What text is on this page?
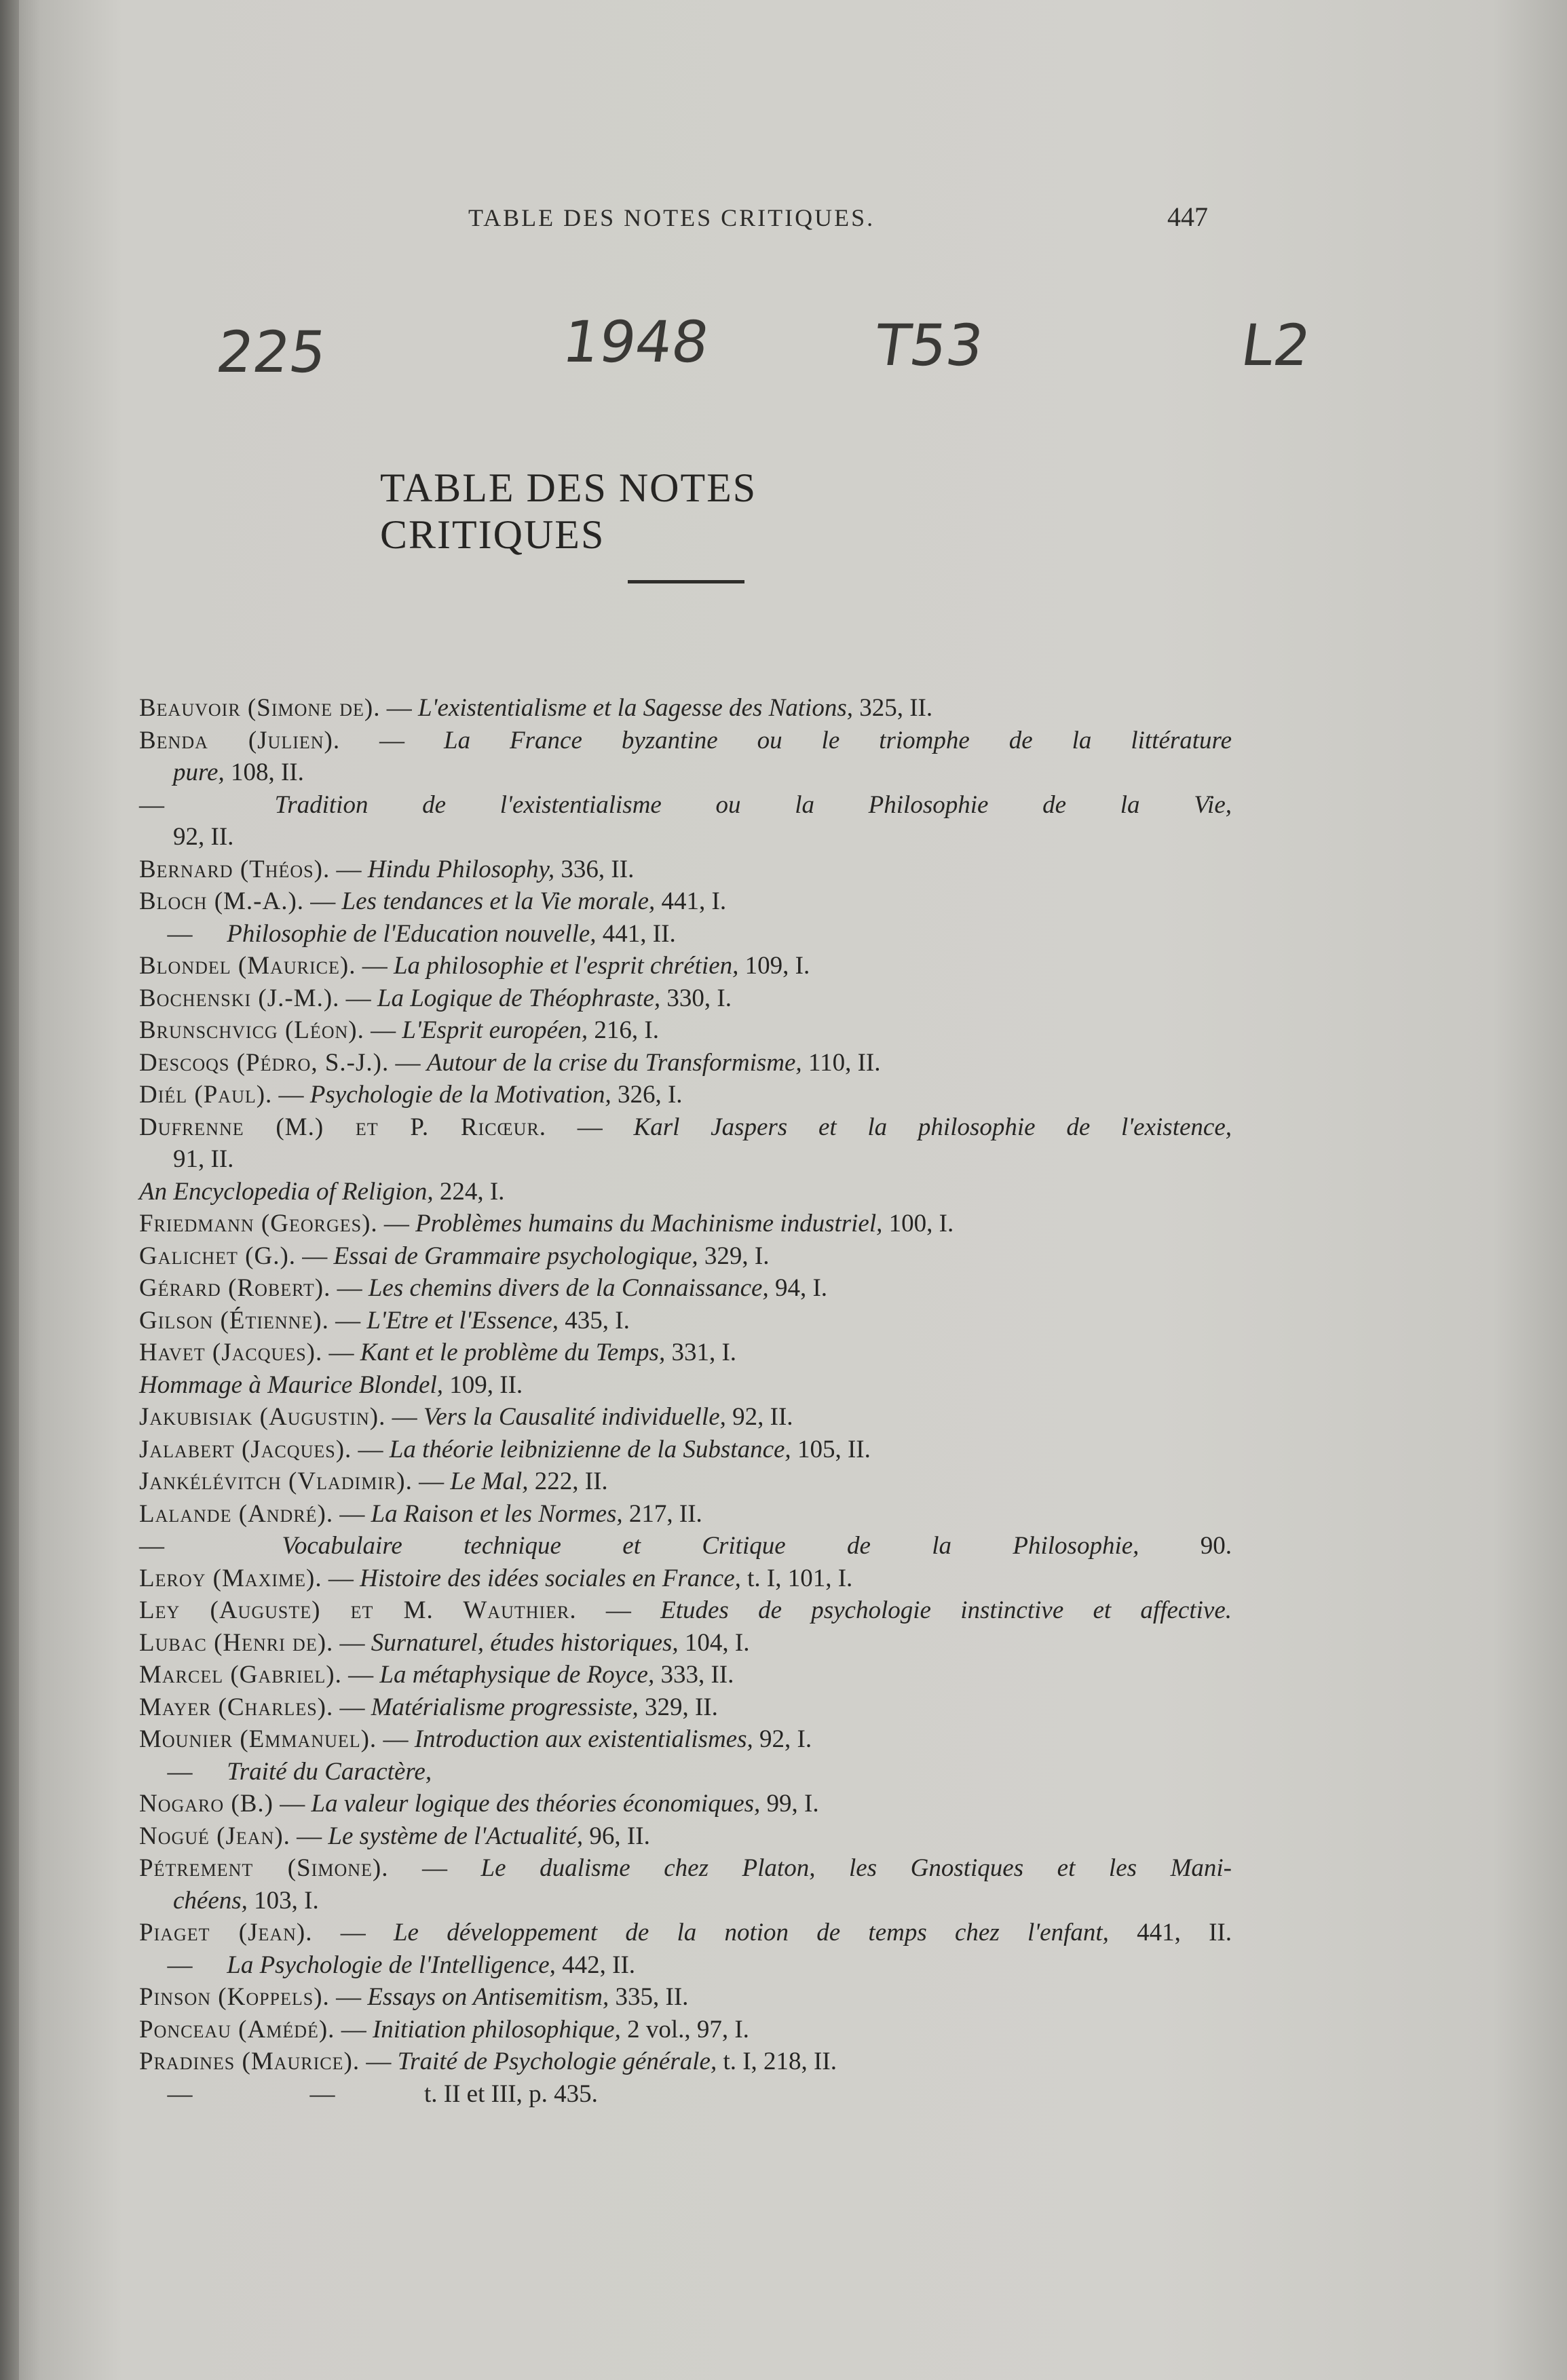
TABLE DES NOTES CRITIQUES.	447
225	1948	T53	L2
TABLE DES NOTES CRITIQUES
Beauvoir (Simone de). — L'existentialisme et la Sagesse des Nations, 325, II.
Benda (Julien). — La France byzantine ou le triomphe de la littérature
pure, 108, II.
— Tradition de l'existentialisme ou la Philosophie de la Vie,
92, II.
Bernard (Théos). — Hindu Philosophy, 336, II.
Bloch (M.-A.). — Les tendances et la Vie morale, 441, I.
— Philosophie de l'Education nouvelle, 441, II.
Blondel (Maurice). — La philosophie et l'esprit chrétien, 109, I.
Bochenski (J.-M.). — La Logique de Théophraste, 330, I.
Brunschvicg (Léon). — L'Esprit européen, 216, I.
Descoqs (Pédro, S.-J.). — Autour de la crise du Transformisme, 110, II.
Diél (Paul). — Psychologie de la Motivation, 326, I.
Dufrenne (M.) et P. Ricœur. — Karl Jaspers et la philosophie de l'existence,
91, II.
An Encyclopedia of Religion, 224, I.
Friedmann (Georges). — Problèmes humains du Machinisme industriel, 100, I.
Galichet (G.). — Essai de Grammaire psychologique, 329, I.
Gérard (Robert). — Les chemins divers de la Connaissance, 94, I.
Gilson (Étienne). — L'Etre et l'Essence, 435, I.
Havet (Jacques). — Kant et le problème du Temps, 331, I.
Hommage à Maurice Blondel, 109, II.
Jakubisiak (Augustin). — Vers la Causalité individuelle, 92, II.
Jalabert (Jacques). — La théorie leibnizienne de la Substance, 105, II.
Jankélévitch (Vladimir). — Le Mal, 222, II.
Lalande (André). — La Raison et les Normes, 217, II.
— Vocabulaire technique et Critique de la Philosophie, 90.
Leroy (Maxime). — Histoire des idées sociales en France, t. I, 101, I.
Ley (Auguste) et M. Wauthier. — Etudes de psychologie instinctive et affective.
Lubac (Henri de). — Surnaturel, études historiques, 104, I.
Marcel (Gabriel). — La métaphysique de Royce, 333, II.
Mayer (Charles). — Matérialisme progressiste, 329, II.
Mounier (Emmanuel). — Introduction aux existentialismes, 92, I.
— Traité du Caractère,
Nogaro (B.) — La valeur logique des théories économiques, 99, I.
Nogué (Jean). — Le système de l'Actualité, 96, II.
Pétrement (Simone). — Le dualisme chez Platon, les Gnostiques et les Mani-
chéens, 103, I.
Piaget (Jean). — Le développement de la notion de temps chez l'enfant, 441, II.
— La Psychologie de l'Intelligence, 442, II.
Pinson (Koppels). — Essays on Antisemitism, 335, II.
Ponceau (Amédé). — Initiation philosophique, 2 vol., 97, I.
Pradines (Maurice). — Traité de Psychologie générale, t. I, 218, II.
—	—	t. II et III, p. 435.
